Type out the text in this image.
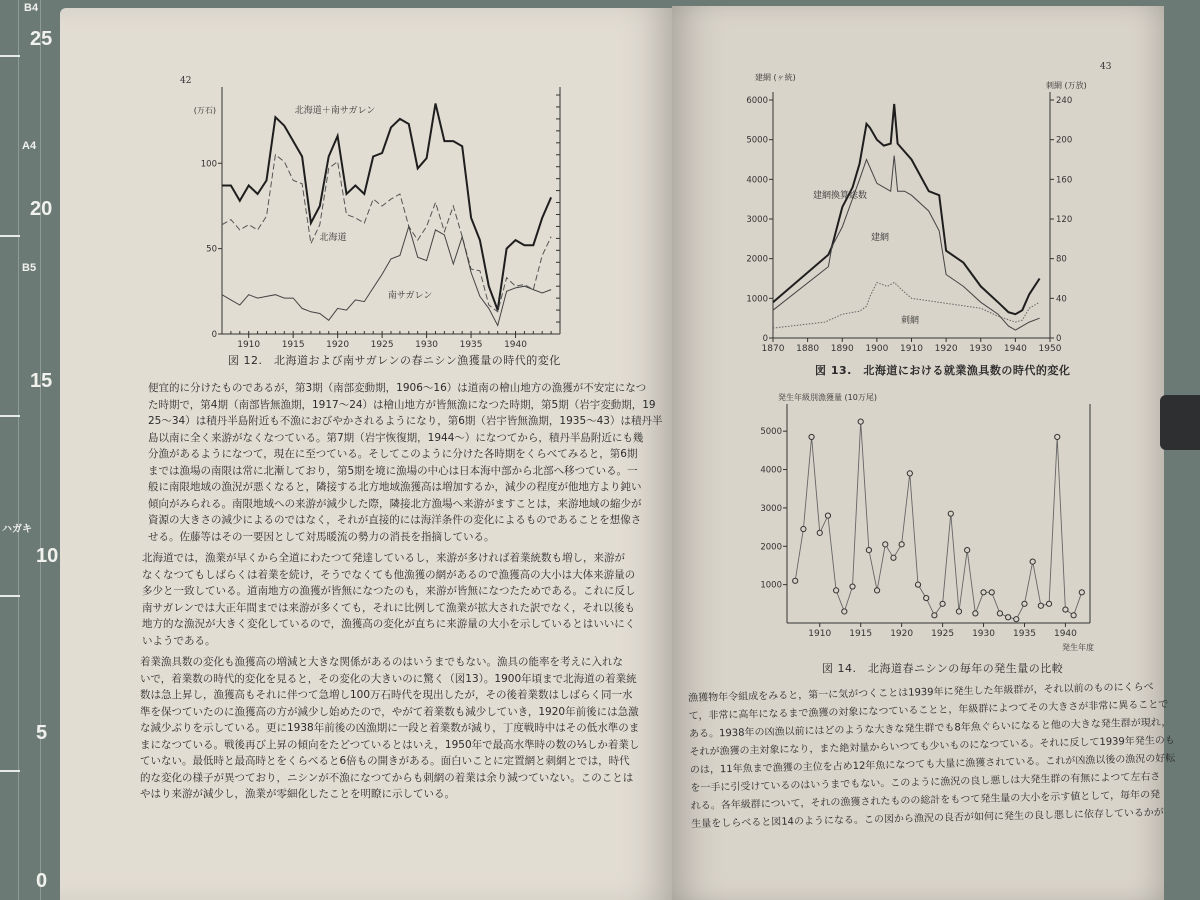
B4
25
A4
20
B5
15
ハガキ
10
5
0
42
43
1910 1915 1920 1925 1930 1935 1940
0
50
100
(万石)	北海道＋南サガレン
北海道
南サガレン
1870 1880 1890 1900 1910 1920 1930 1940 1950
0
1000
2000
3000
4000
5000
6000
0
40
80
120
160
200
240
建網 (ヶ統)
刺網 (万放)
建網換算総数
建網
刺網
1910 1915 1920 1925 1930 1935 1940
1000
2000
3000
4000
5000
発生年級別漁獲量 (10万尾)
発生年度
図 12.　北海道および南サガレンの春ニシン漁獲量の時代的変化
図 13.　北海道における就業漁具数の時代的変化
図 14.　北海道春ニシンの毎年の発生量の比較
便宜的に分けたものであるが，第3期（南部変動期，1906～16）は道南の檜山地方の漁獲が不安定になつ
た時期で，第4期（南部皆無漁期，1917～24）は檜山地方が皆無漁になつた時期，第5期（岩宇変動期，19
25～34）は積丹半島附近も不漁におびやかされるようになり，第6期（岩宇皆無漁期，1935～43）は積丹半
島以南に全く来游がなくなつている。第7期（岩宇恢復期，1944～）になつてから，積丹半島附近にも幾
分漁があるようになつて，現在に至つている。そしてこのように分けた各時期をくらべてみると，第6期
までは漁場の南限は常に北漸しており，第5期を境に漁場の中心は日本海中部から北部へ移つている。一
般に南限地域の漁況が悪くなると，隣接する北方地域漁獲高は増加するか，減少の程度が他地方より鈍い
傾向がみられる。南限地域への来游が減少した際，隣接北方漁場へ来游がますことは，来游地域の縮少が
資源の大きさの減少によるのではなく，それが直接的には海洋条件の変化によるものであることを想像さ
せる。佐藤等はその一要因として対馬暖流の勢力の消長を指摘している。
北海道では，漁業が早くから全道にわたつて発達しているし，来游が多ければ着業統数も増し，来游が
なくなつてもしばらくは着業を続け，そうでなくても他漁獲の網があるので漁獲高の大小は大体来游量の
多少と一致している。道南地方の漁獲が皆無になつたのも，来游が皆無になつたためである。これに反し
南サガレンでは大正年間までは来游が多くても，それに比例して漁業が拡大された訳でなく，それ以後も
地方的な漁況が大きく変化しているので，漁獲高の変化が直ちに来游量の大小を示しているとはいいにく
いようである。
着業漁具数の変化も漁獲高の増減と大きな関係があるのはいうまでもない。漁具の能率を考えに入れな
いで，着業数の時代的変化を見ると，その変化の大きいのに驚く（図13）。1900年頃まで北海道の着業統
数は急上昇し，漁獲高もそれに伴つて急増し100万石時代を現出したが，その後着業数はしばらく同一水
準を保つていたのに漁獲高の方が減少し始めたので，やがて着業数も減少していき，1920年前後には急激
な減少ぶりを示している。更に1938年前後の凶漁期に一段と着業数が減り，丁度戦時中はその低水準のま
まになつている。戦後再び上昇の傾向をたどつているとはいえ，1950年で最高水準時の数の⅓しか着業し
ていない。最低時と最高時とをくらべると6倍もの開きがある。面白いことに定置網と刺網とでは，時代
的な変化の様子が異つており，ニシンが不漁になつてからも刺網の着業は余り減つていない。このことは
やはり来游が減少し，漁業が零細化したことを明瞭に示している。
漁獲物年令組成をみると，第一に気がつくことは1939年に発生した年級群が，それ以前のものにくらべ
て，非常に高年になるまで漁獲の対象になつていることと，年級群によつてその大きさが非常に異ることで
ある。1938年の凶漁以前にはどのような大きな発生群でも8年魚ぐらいになると他の大きな発生群が現れ，
それが漁獲の主対象になり，また絶対量からいつても少いものになつている。それに反して1939年発生のも
のは，11年魚まで漁獲の主位を占め12年魚になつても大量に漁獲されている。これが凶漁以後の漁況の好転
を一手に引受けているのはいうまでもない。このように漁況の良し悪しは大発生群の有無によつて左右さ
れる。各年級群について，それの漁獲されたものの総計をもつて発生量の大小を示す値として，毎年の発
生量をしらべると図14のようになる。この図から漁況の良否が如何に発生の良し悪しに依存しているかが
